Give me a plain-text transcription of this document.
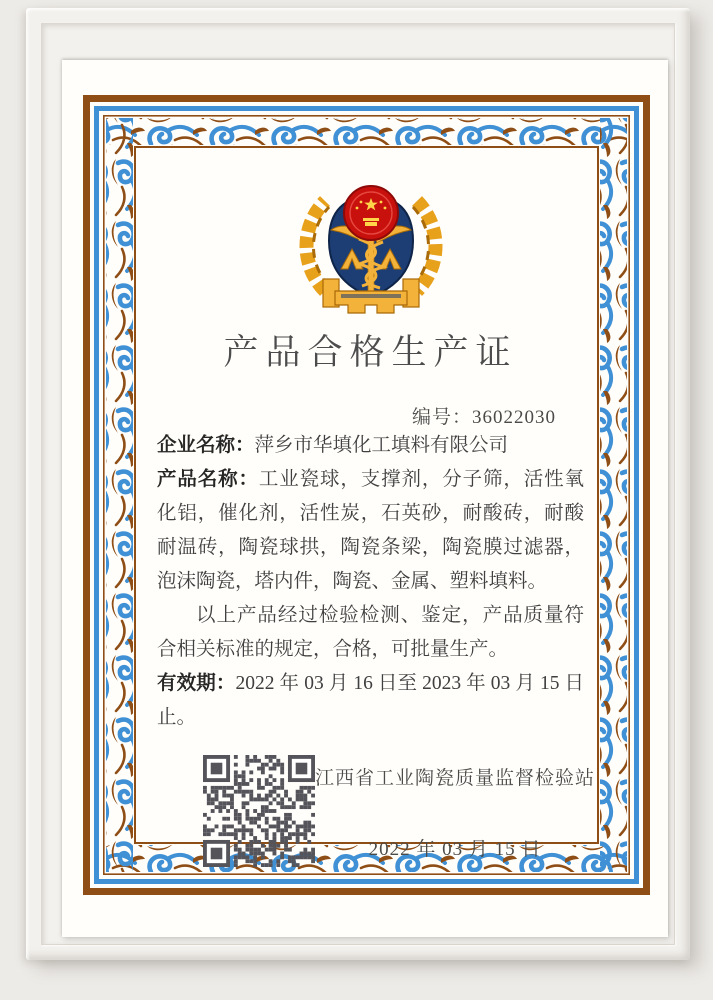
产品合格生产证
编号：36022030

企业名称：萍乡市华填化工填料有限公司

产品名称：工业瓷球，支撑剂，分子筛，活性氧化铝，催化剂，活性炭，石英砂，耐酸砖，耐酸耐温砖，陶瓷球拱，陶瓷条梁，陶瓷膜过滤器，泡沫陶瓷，塔内件，陶瓷、金属、塑料填料。

以上产品经过检验检测、鉴定，产品质量符合相关标准的规定，合格，可批量生产。

有效期：2022 年 03 月 16 日至 2023 年 03 月 15 日止。

江西省工业陶瓷质量监督检验站
2022 年 03 月 15 日
